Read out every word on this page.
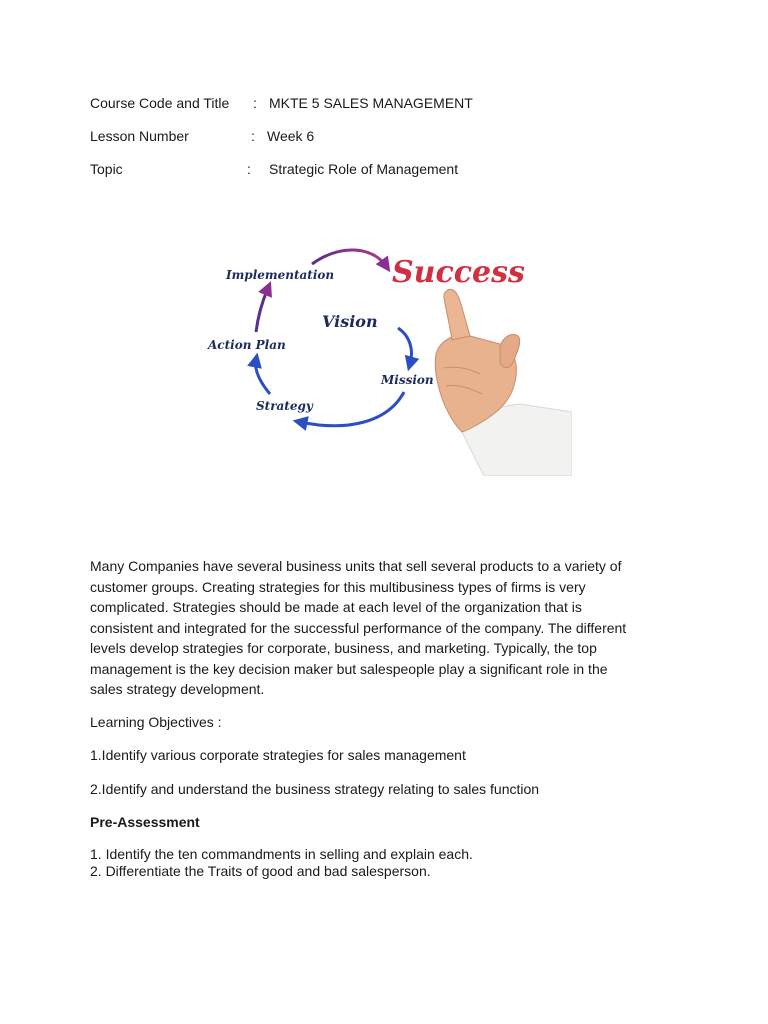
Course Code and Title : MKTE 5 SALES MANAGEMENT
Lesson Number	: Week 6
Topic	: Strategic Role of Management
Success
Implementation
Vision
Action Plan
Mission
Strategy
Many Companies have several business units that sell several products to a variety of
customer groups. Creating strategies for this multibusiness types of firms is very
complicated. Strategies should be made at each level of the organization that is
consistent and integrated for the successful performance of the company. The different
levels develop strategies for corporate, business, and marketing. Typically, the top
management is the key decision maker but salespeople play a significant role in the
sales strategy development.
Learning Objectives :
1.Identify various corporate strategies for sales management
2.Identify and understand the business strategy relating to sales function
Pre-Assessment
1. Identify the ten commandments in selling and explain each.
2. Differentiate the Traits of good and bad salesperson.
